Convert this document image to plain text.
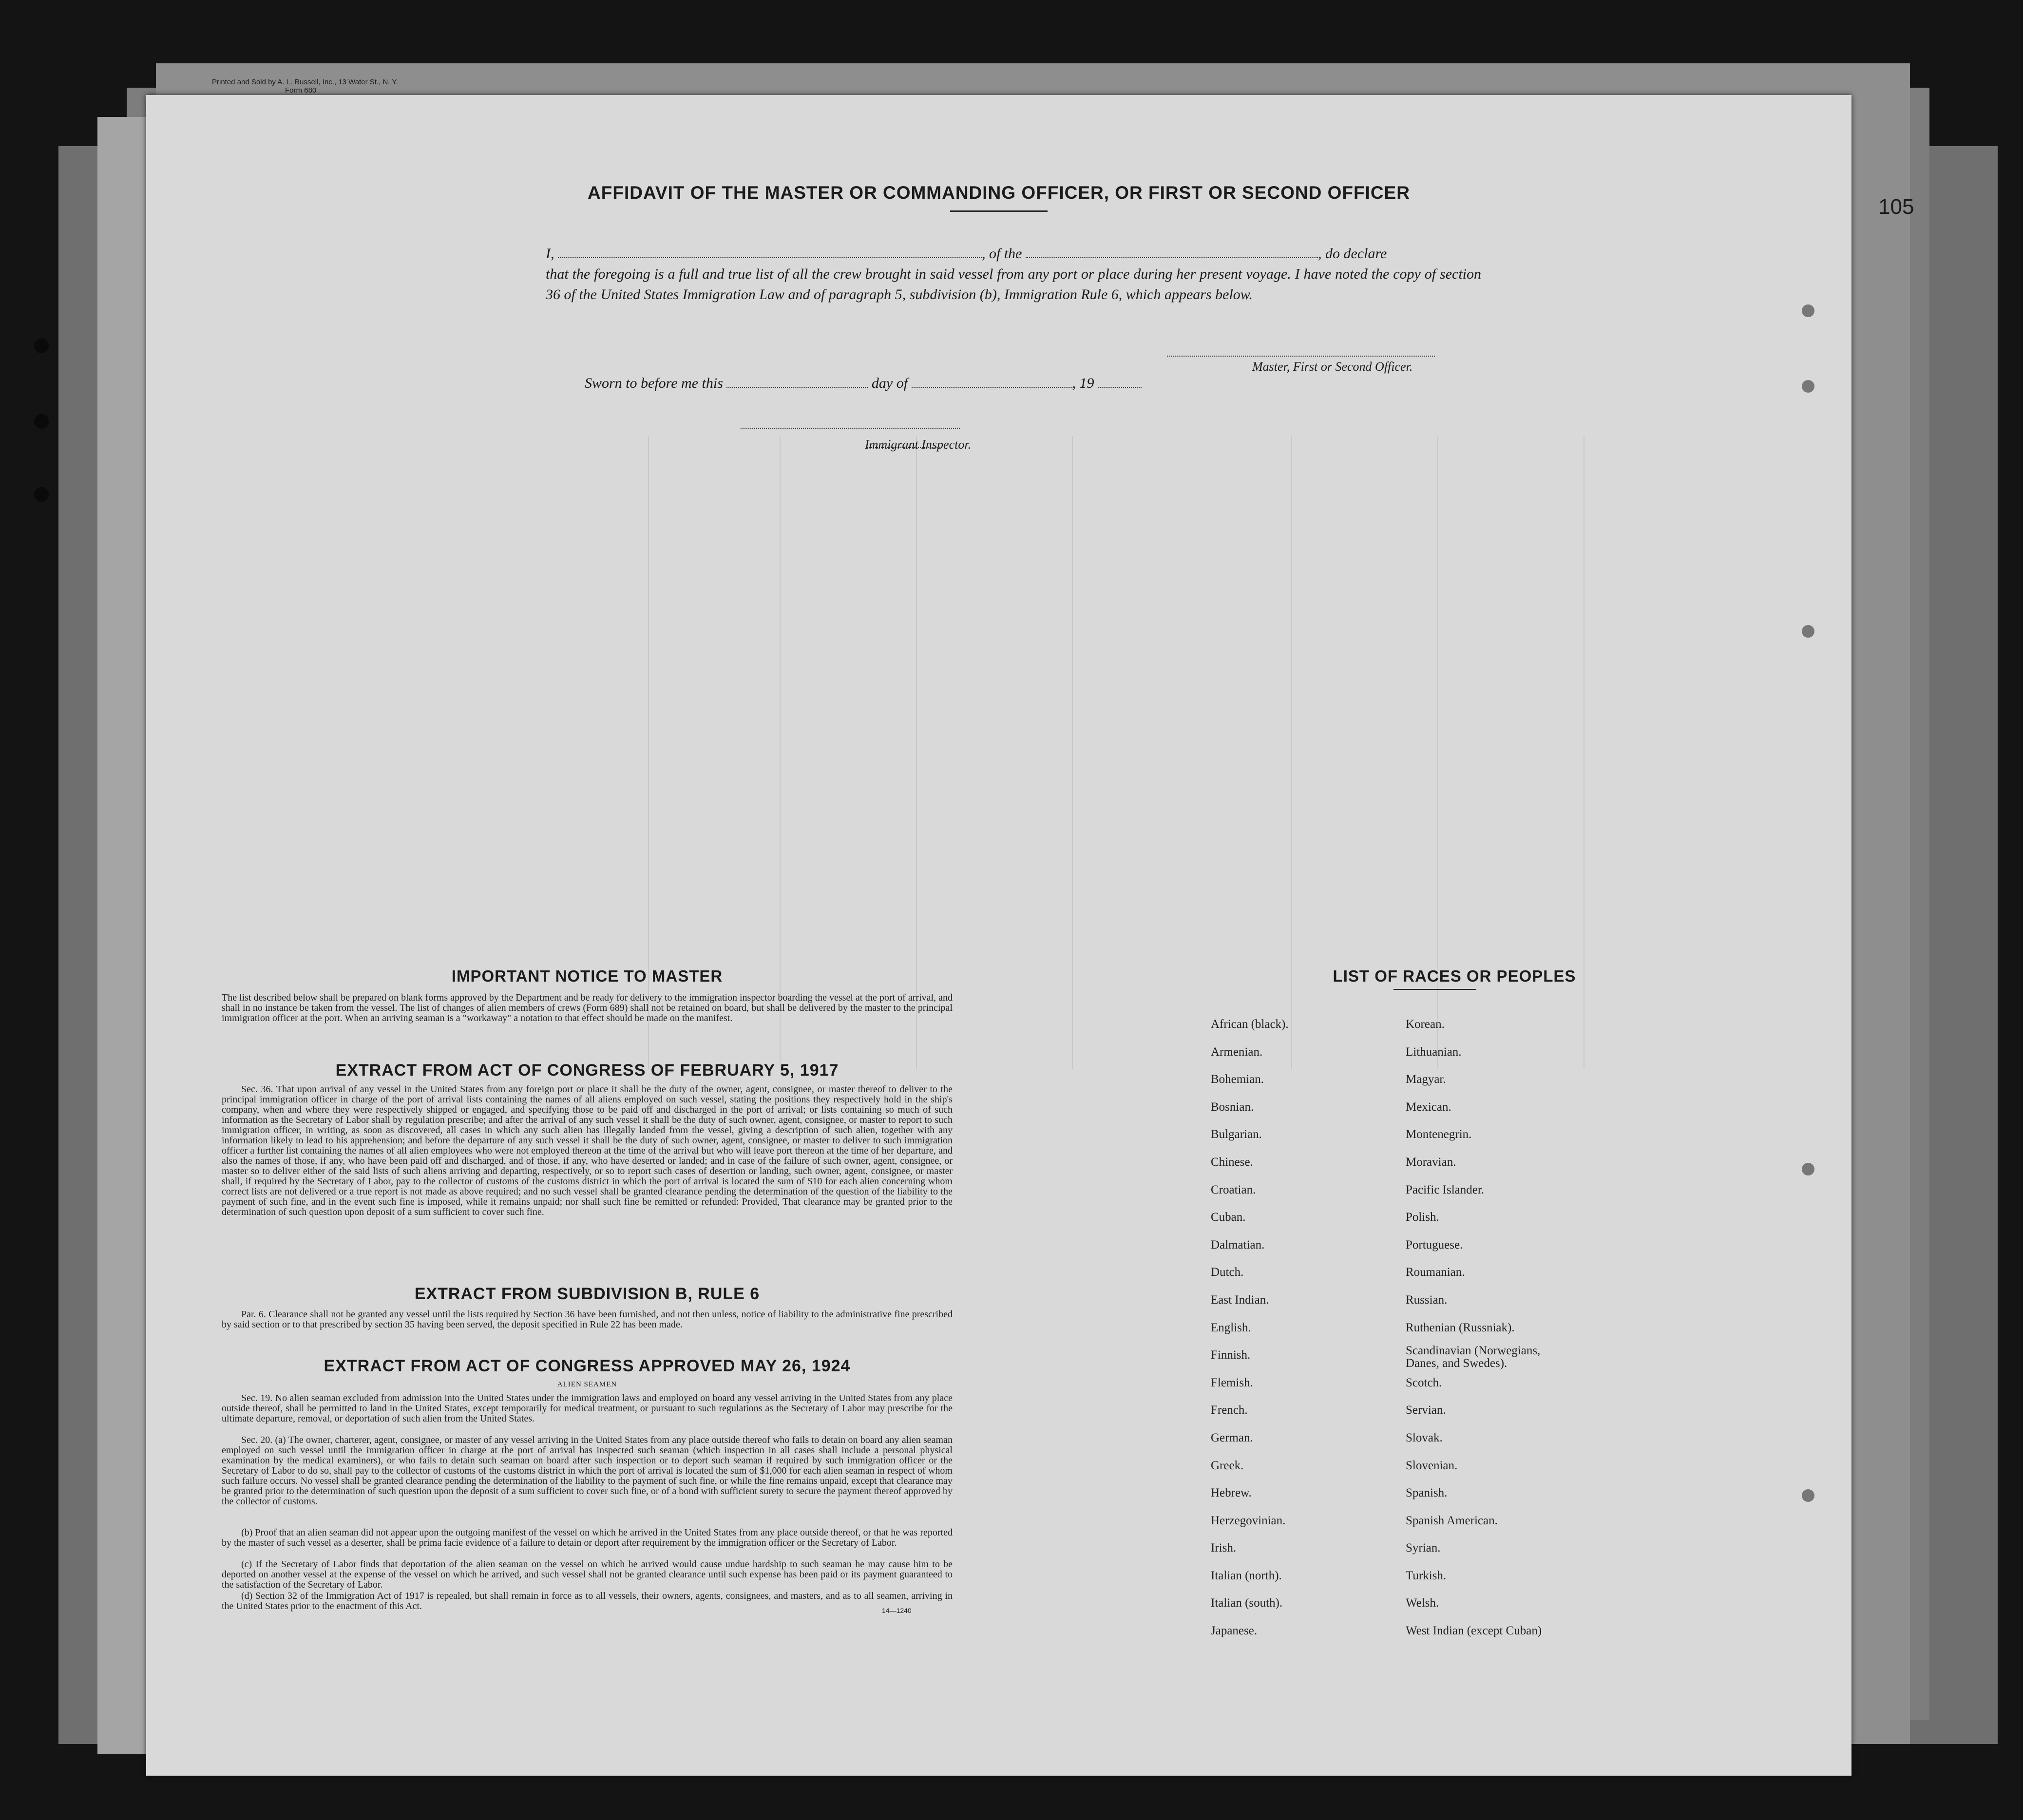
105
Printed and Sold by A. L. Russell, Inc., 13 Water St., N. Y.
Form 680
AFFIDAVIT OF THE MASTER OR COMMANDING OFFICER, OR FIRST OR SECOND OFFICER
I,	, of the	, do declare
that the foregoing is a full and true list of all the crew brought in said vessel from any port or place during her present voyage. I have noted the copy of section 36 of the United States Immigration Law and of paragraph 5, subdivision (b), Immigration Rule 6, which appears below.
Master, First or Second Officer.
Sworn to before me this	day of	, 19
Immigrant Inspector.
IMPORTANT NOTICE TO MASTER
The list described below shall be prepared on blank forms approved by the Department and be ready for delivery to the immigration inspector boarding the vessel at the port of arrival, and shall in no instance be taken from the vessel. The list of changes of alien members of crews (Form 689) shall not be retained on board, but shall be delivered by the master to the principal immigration officer at the port. When an arriving seaman is a "workaway" a notation to that effect should be made on the manifest.
EXTRACT FROM ACT OF CONGRESS OF FEBRUARY 5, 1917
Sec. 36. That upon arrival of any vessel in the United States from any foreign port or place it shall be the duty of the owner, agent, consignee, or master thereof to deliver to the principal immigration officer in charge of the port of arrival lists containing the names of all aliens employed on such vessel, stating the positions they respectively hold in the ship's company, when and where they were respectively shipped or engaged, and specifying those to be paid off and discharged in the port of arrival; or lists containing so much of such information as the Secretary of Labor shall by regulation prescribe; and after the arrival of any such vessel it shall be the duty of such owner, agent, consignee, or master to report to such immigration officer, in writing, as soon as discovered, all cases in which any such alien has illegally landed from the vessel, giving a description of such alien, together with any information likely to lead to his apprehension; and before the departure of any such vessel it shall be the duty of such owner, agent, consignee, or master to deliver to such immigration officer a further list containing the names of all alien employees who were not employed thereon at the time of the arrival but who will leave port thereon at the time of her departure, and also the names of those, if any, who have been paid off and discharged, and of those, if any, who have deserted or landed; and in case of the failure of such owner, agent, consignee, or master so to deliver either of the said lists of such aliens arriving and departing, respectively, or so to report such cases of desertion or landing, such owner, agent, consignee, or master shall, if required by the Secretary of Labor, pay to the collector of customs of the customs district in which the port of arrival is located the sum of $10 for each alien concerning whom correct lists are not delivered or a true report is not made as above required; and no such vessel shall be granted clearance pending the determination of the question of the liability to the payment of such fine, and in the event such fine is imposed, while it remains unpaid; nor shall such fine be remitted or refunded: Provided, That clearance may be granted prior to the determination of such question upon deposit of a sum sufficient to cover such fine.
EXTRACT FROM SUBDIVISION B, RULE 6
Par. 6. Clearance shall not be granted any vessel until the lists required by Section 36 have been furnished, and not then unless, notice of liability to the administrative fine prescribed by said section or to that prescribed by section 35 having been served, the deposit specified in Rule 22 has been made.
EXTRACT FROM ACT OF CONGRESS APPROVED MAY 26, 1924
ALIEN SEAMEN
Sec. 19. No alien seaman excluded from admission into the United States under the immigration laws and employed on board any vessel arriving in the United States from any place outside thereof, shall be permitted to land in the United States, except temporarily for medical treatment, or pursuant to such regulations as the Secretary of Labor may prescribe for the ultimate departure, removal, or deportation of such alien from the United States.
Sec. 20. (a) The owner, charterer, agent, consignee, or master of any vessel arriving in the United States from any place outside thereof who fails to detain on board any alien seaman employed on such vessel until the immigration officer in charge at the port of arrival has inspected such seaman (which inspection in all cases shall include a personal physical examination by the medical examiners), or who fails to detain such seaman on board after such inspection or to deport such seaman if required by such immigration officer or the Secretary of Labor to do so, shall pay to the collector of customs of the customs district in which the port of arrival is located the sum of $1,000 for each alien seaman in respect of whom such failure occurs. No vessel shall be granted clearance pending the determination of the liability to the payment of such fine, or while the fine remains unpaid, except that clearance may be granted prior to the determination of such question upon the deposit of a sum sufficient to cover such fine, or of a bond with sufficient surety to secure the payment thereof approved by the collector of customs.
(b) Proof that an alien seaman did not appear upon the outgoing manifest of the vessel on which he arrived in the United States from any place outside thereof, or that he was reported by the master of such vessel as a deserter, shall be prima facie evidence of a failure to detain or deport after requirement by the immigration officer or the Secretary of Labor.
(c) If the Secretary of Labor finds that deportation of the alien seaman on the vessel on which he arrived would cause undue hardship to such seaman he may cause him to be deported on another vessel at the expense of the vessel on which he arrived, and such vessel shall not be granted clearance until such expense has been paid or its payment guaranteed to the satisfaction of the Secretary of Labor.
(d) Section 32 of the Immigration Act of 1917 is repealed, but shall remain in force as to all vessels, their owners, agents, consignees, and masters, and as to all seamen, arriving in the United States prior to the enactment of this Act.	14—1240
LIST OF RACES OR PEOPLES
African (black).	Korean.
Armenian.	Lithuanian.
Bohemian.	Magyar.
Bosnian.	Mexican.
Bulgarian.	Montenegrin.
Chinese.	Moravian.
Croatian.	Pacific Islander.
Cuban.	Polish.
Dalmatian.	Portuguese.
Dutch.	Roumanian.
East Indian.	Russian.
English.	Ruthenian (Russniak).
Finnish.	Scandinavian (Norwegians, Danes, and Swedes).
Flemish.	Scotch.
French.	Servian.
German.	Slovak.
Greek.	Slovenian.
Hebrew.	Spanish.
Herzegovinian.	Spanish American.
Irish.	Syrian.
Italian (north).	Turkish.
Italian (south).	Welsh.
Japanese.	West Indian (except Cuban)
